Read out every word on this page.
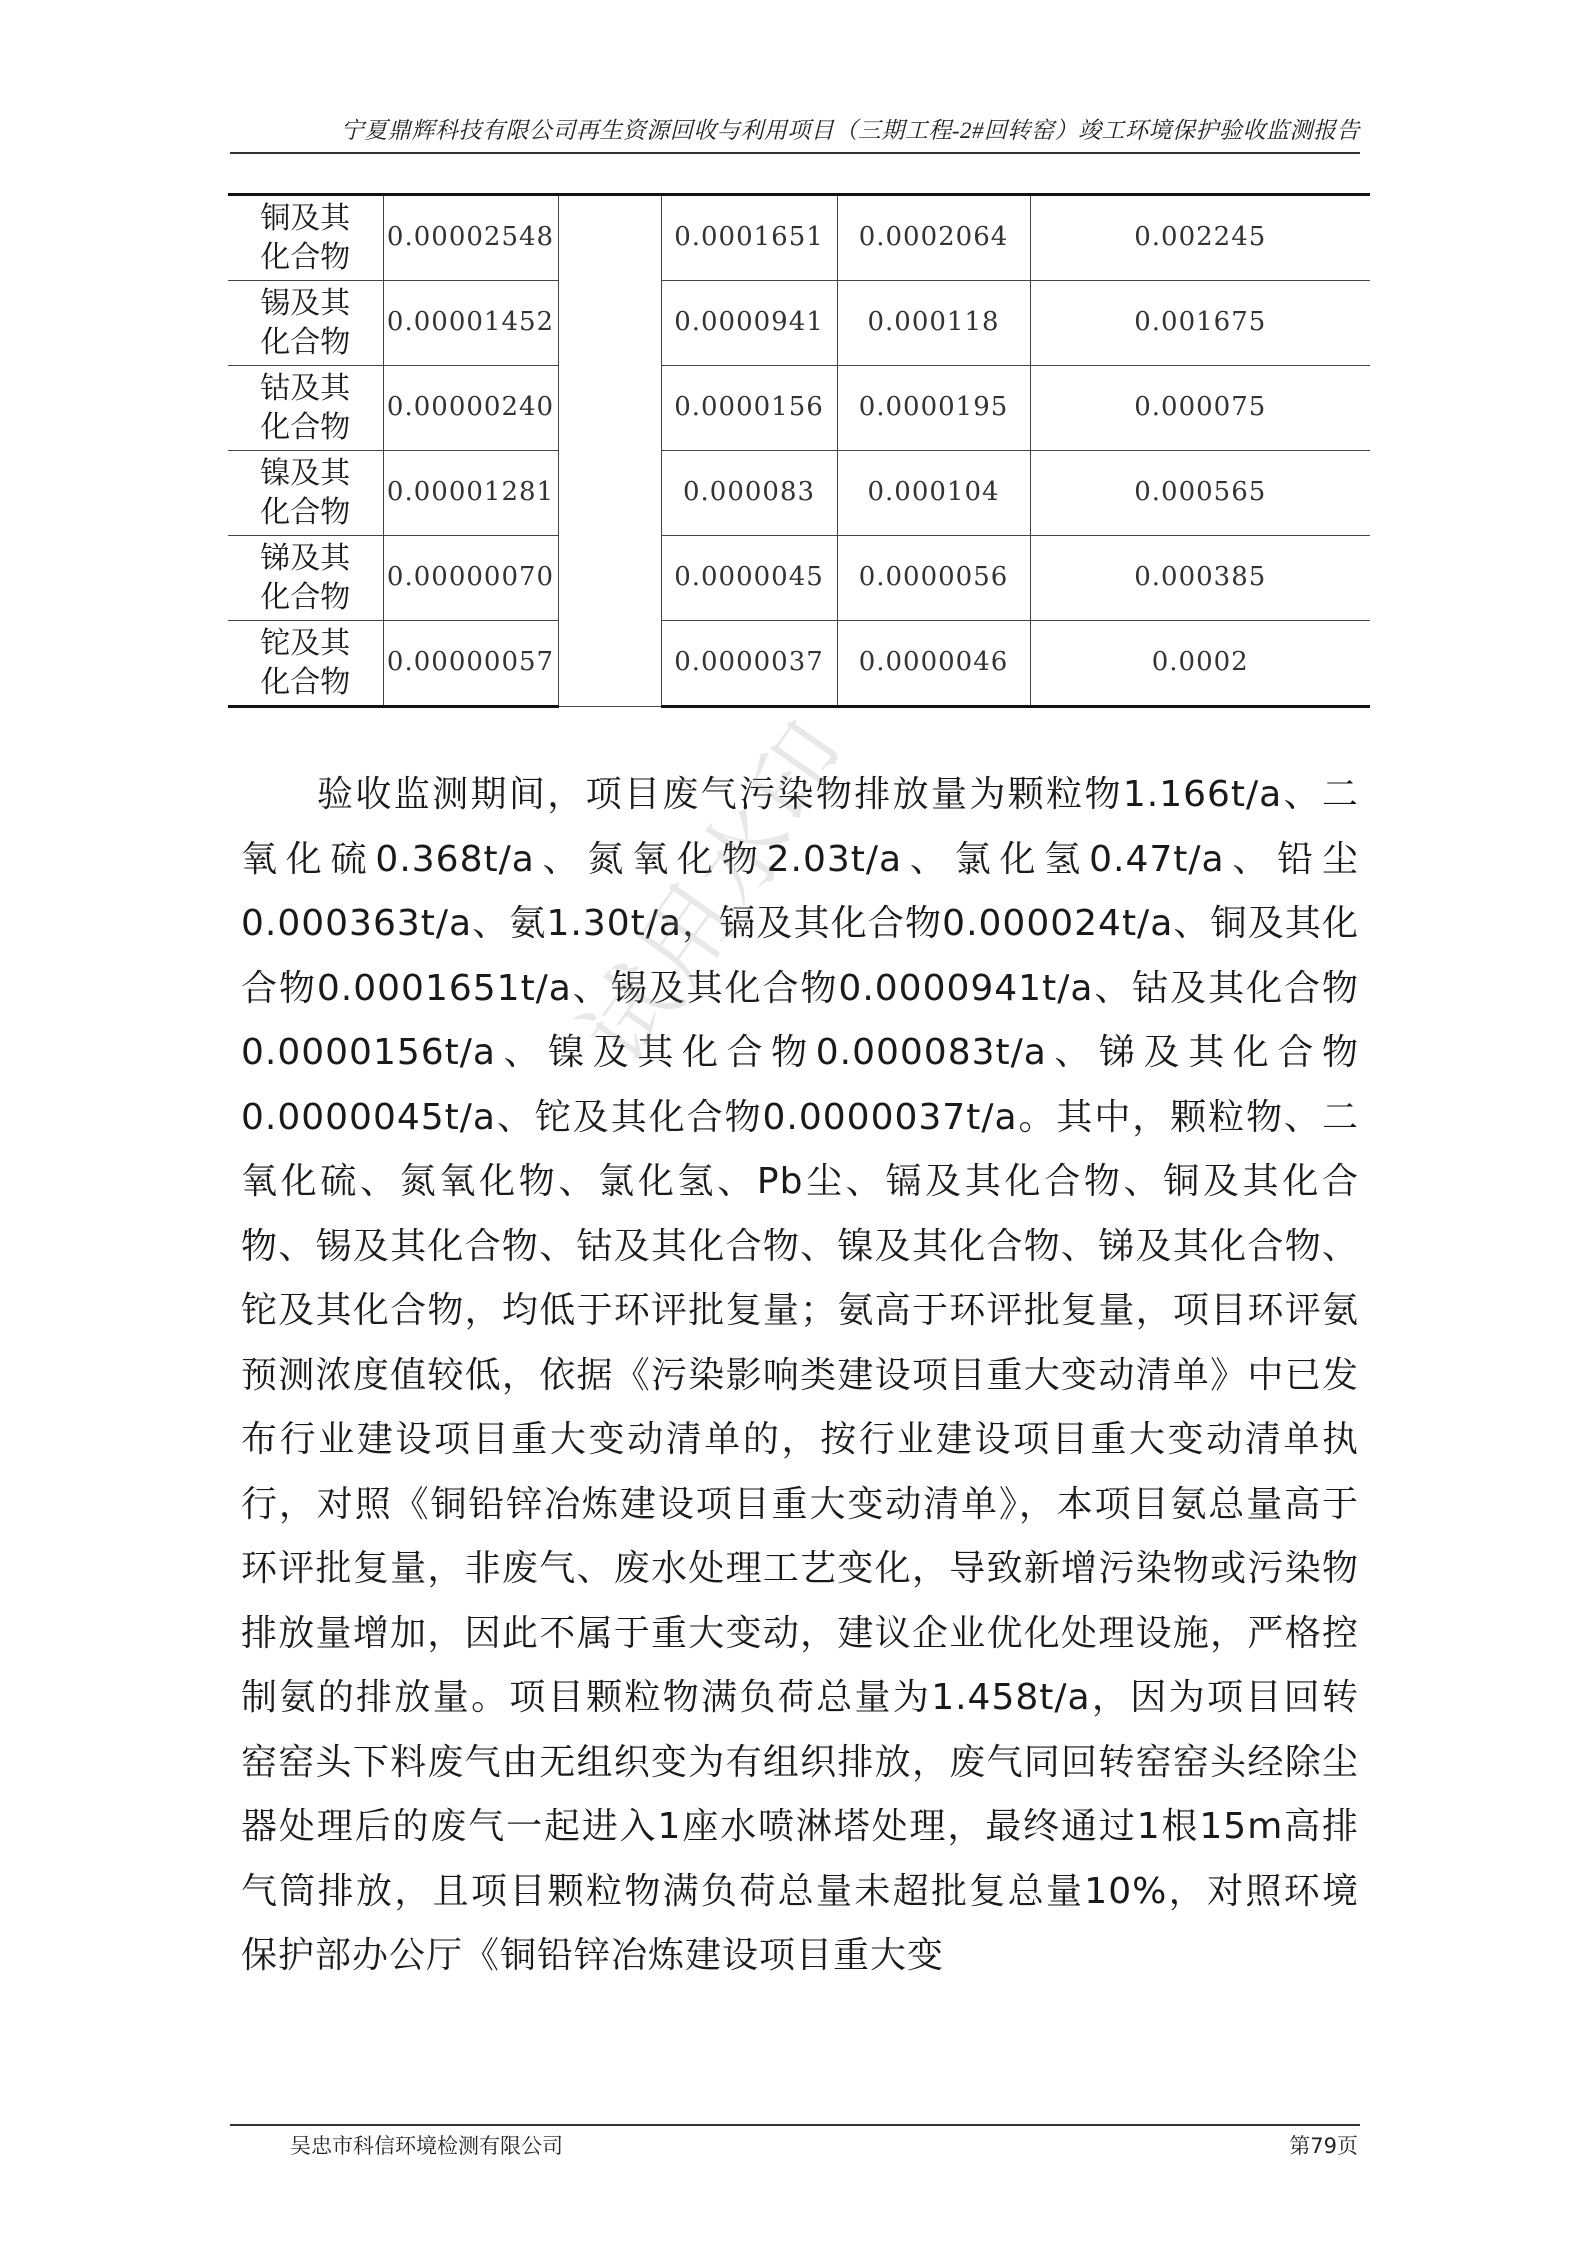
宁夏鼎辉科技有限公司再生资源回收与利用项目（三期工程-2#回转窑）竣工环境保护验收监测报告
铜及其化合物	0.00002548		0.0001651	0.0002064	0.002245
锡及其化合物	0.00001452		0.0000941	0.000118	0.001675
钴及其化合物	0.00000240		0.0000156	0.0000195	0.000075
镍及其化合物	0.00001281		0.000083	0.000104	0.000565
锑及其化合物	0.00000070		0.0000045	0.0000056	0.000385
铊及其化合物	0.00000057		0.0000037	0.0000046	0.0002

验收监测期间，项目废气污染物排放量为颗粒物1.166t/a、二氧化硫0.368t/a、氮氧化物2.03t/a、氯化氢0.47t/a、铅尘0.000363t/a、氨1.30t/a，镉及其化合物0.000024t/a、铜及其化合物0.0001651t/a、锡及其化合物0.0000941t/a、钴及其化合物0.0000156t/a、镍及其化合物0.000083t/a、锑及其化合物0.0000045t/a、铊及其化合物0.0000037t/a。其中，颗粒物、二氧化硫、氮氧化物、氯化氢、Pb尘、镉及其化合物、铜及其化合物、锡及其化合物、钴及其化合物、镍及其化合物、锑及其化合物、铊及其化合物，均低于环评批复量；氨高于环评批复量，项目环评氨预测浓度值较低，依据《污染影响类建设项目重大变动清单》中已发布行业建设项目重大变动清单的，按行业建设项目重大变动清单执行，对照《铜铅锌冶炼建设项目重大变动清单》，本项目氨总量高于环评批复量，非废气、废水处理工艺变化，导致新增污染物或污染物排放量增加，因此不属于重大变动，建议企业优化处理设施，严格控制氨的排放量。项目颗粒物满负荷总量为1.458t/a，因为项目回转窑窑头下料废气由无组织变为有组织排放，废气同回转窑窑头经除尘器处理后的废气一起进入1座水喷淋塔处理，最终通过1根15m高排气筒排放，且项目颗粒物满负荷总量未超批复总量10%，对照环境保护部办公厅《铜铅锌冶炼建设项目重大变

试用水印
吴忠市科信环境检测有限公司	第79页
